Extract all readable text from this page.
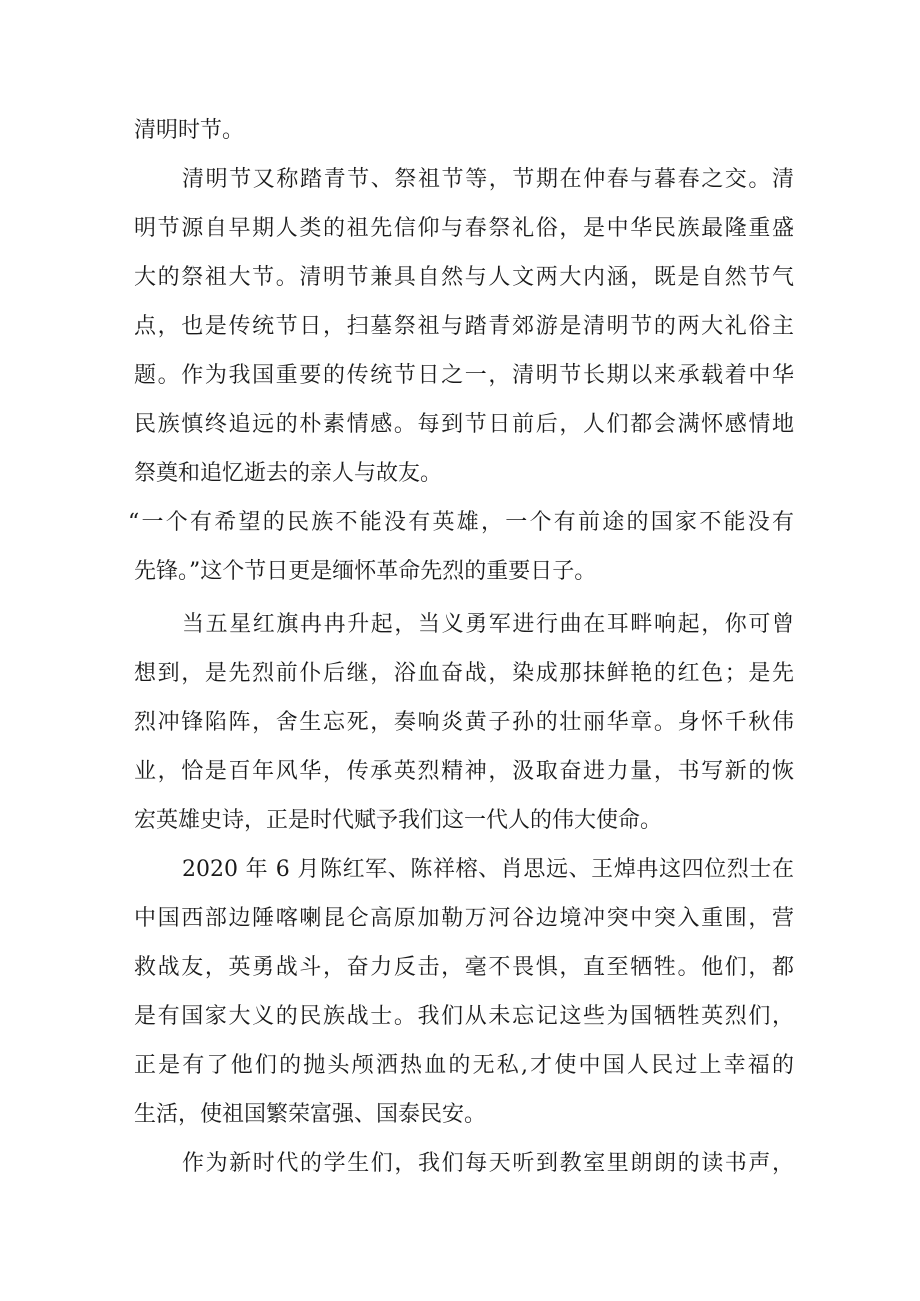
清明时节。
清明节又称踏青节、祭祖节等，节期在仲春与暮春之交。清
明节源自早期人类的祖先信仰与春祭礼俗，是中华民族最隆重盛
大的祭祖大节。清明节兼具自然与人文两大内涵，既是自然节气
点，也是传统节日，扫墓祭祖与踏青郊游是清明节的两大礼俗主
题。作为我国重要的传统节日之一，清明节长期以来承载着中华
民族慎终追远的朴素情感。每到节日前后，人们都会满怀感情地
祭奠和追忆逝去的亲人与故友。
“一个有希望的民族不能没有英雄，一个有前途的国家不能没有
先锋。”这个节日更是缅怀革命先烈的重要日子。
当五星红旗冉冉升起，当义勇军进行曲在耳畔响起，你可曾
想到，是先烈前仆后继，浴血奋战，染成那抹鲜艳的红色；是先
烈冲锋陷阵，舍生忘死，奏响炎黄子孙的壮丽华章。身怀千秋伟
业，恰是百年风华，传承英烈精神，汲取奋进力量，书写新的恢
宏英雄史诗，正是时代赋予我们这一代人的伟大使命。
2020 年 6 月陈红军、陈祥榕、肖思远、王焯冉这四位烈士在
中国西部边陲喀喇昆仑高原加勒万河谷边境冲突中突入重围，营
救战友，英勇战斗，奋力反击，毫不畏惧，直至牺牲。他们，都
是有国家大义的民族战士。我们从未忘记这些为国牺牲英烈们，
正是有了他们的抛头颅洒热血的无私,才使中国人民过上幸福的
生活，使祖国繁荣富强、国泰民安。
作为新时代的学生们，我们每天听到教室里朗朗的读书声，
